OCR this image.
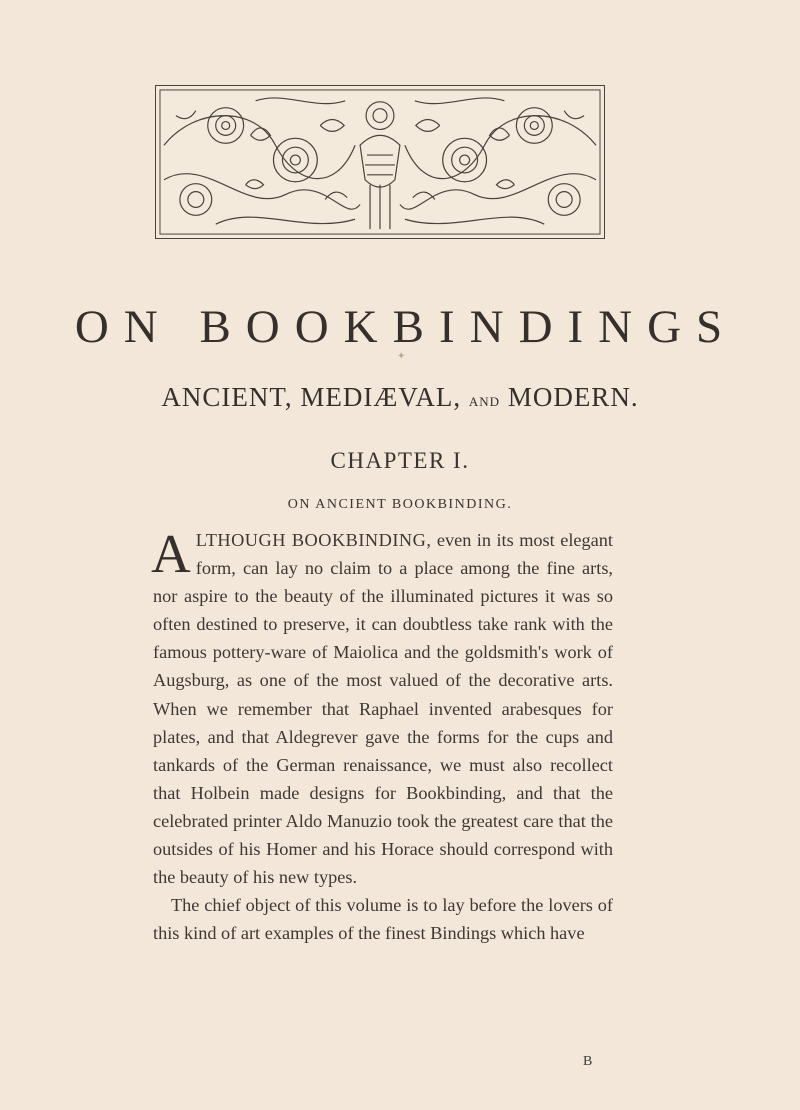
ON BOOKBINDINGS
✦
ANCIENT, MEDIÆVAL, and MODERN.
CHAPTER I.
ON ANCIENT BOOKBINDING.

ALTHOUGH BOOKBINDING, even in its most elegant form, can lay no claim to a place among the fine arts, nor aspire to the beauty of the illuminated pictures it was so often destined to preserve, it can doubtless take rank with the famous pottery-ware of Maiolica and the goldsmith's work of Augsburg, as one of the most valued of the decorative arts. When we remember that Raphael invented arabesques for plates, and that Aldegrever gave the forms for the cups and tankards of the German renaissance, we must also recollect that Holbein made designs for Bookbinding, and that the celebrated printer Aldo Manuzio took the greatest care that the outsides of his Homer and his Horace should correspond with the beauty of his new types.

The chief object of this volume is to lay before the lovers of this kind of art examples of the finest Bindings which have

B
